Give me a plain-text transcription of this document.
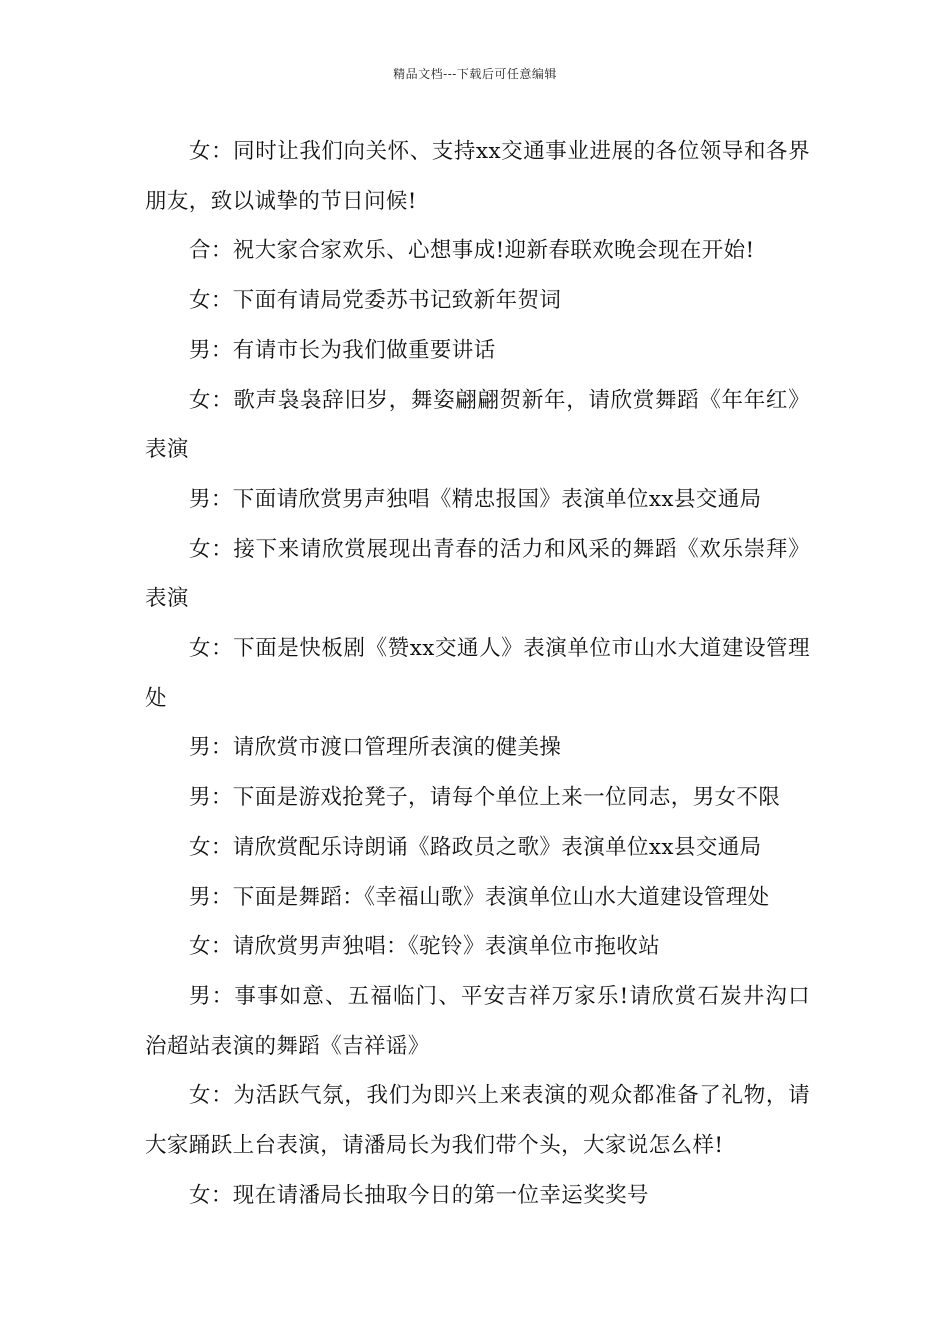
精品文档---下载后可任意编辑

女：同时让我们向关怀、支持xx交通事业进展的各位领导和各界朋友，致以诚挚的节日问候!

合：祝大家合家欢乐、心想事成!迎新春联欢晚会现在开始!

女：下面有请局党委苏书记致新年贺词

男：有请市长为我们做重要讲话

女：歌声袅袅辞旧岁，舞姿翩翩贺新年，请欣赏舞蹈《年年红》表演

男：下面请欣赏男声独唱《精忠报国》表演单位xx县交通局

女：接下来请欣赏展现出青春的活力和风采的舞蹈《欢乐崇拜》表演

女：下面是快板剧《赞xx交通人》表演单位市山水大道建设管理处

男：请欣赏市渡口管理所表演的健美操

男：下面是游戏抢凳子，请每个单位上来一位同志，男女不限

女：请欣赏配乐诗朗诵《路政员之歌》表演单位xx县交通局

男：下面是舞蹈：《幸福山歌》表演单位山水大道建设管理处

女：请欣赏男声独唱：《驼铃》表演单位市拖收站

男：事事如意、五福临门、平安吉祥万家乐!请欣赏石炭井沟口治超站表演的舞蹈《吉祥谣》

女：为活跃气氛，我们为即兴上来表演的观众都准备了礼物，请大家踊跃上台表演，请潘局长为我们带个头，大家说怎么样!

女：现在请潘局长抽取今日的第一位幸运奖奖号
